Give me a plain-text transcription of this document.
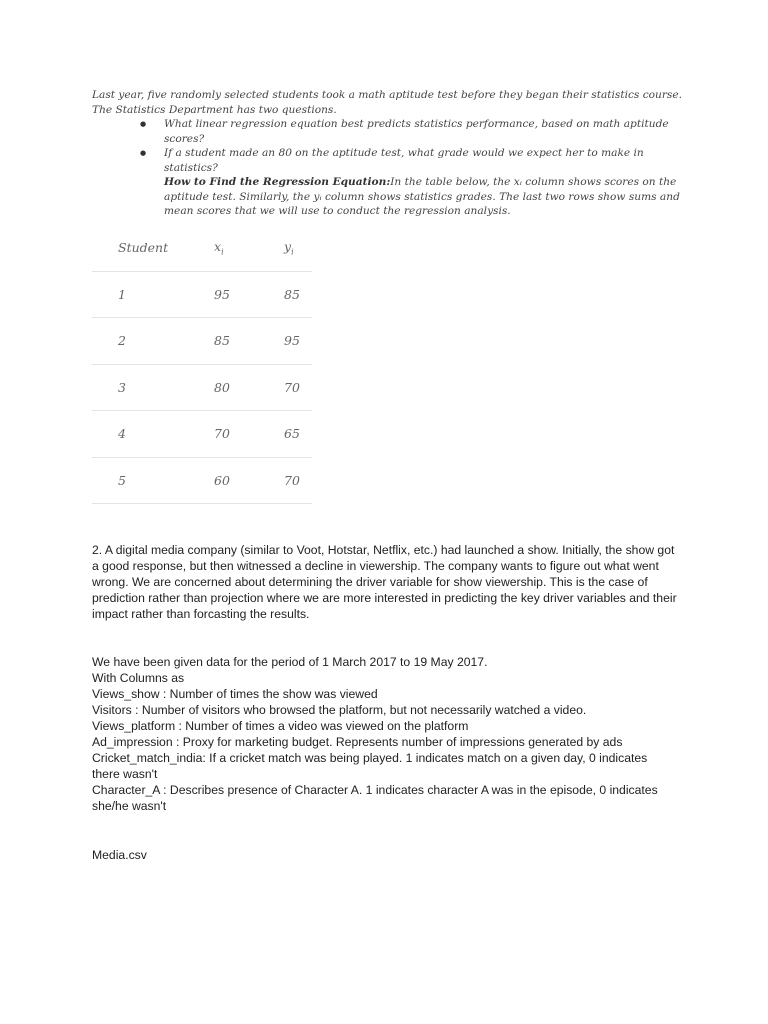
Last year, five randomly selected students took a math aptitude test before they began their statistics course.

The Statistics Department has two questions.

● What linear regression equation best predicts statistics performance, based on math aptitude scores?
● If a student made an 80 on the aptitude test, what grade would we expect her to make in statistics?
How to Find the Regression Equation:In the table below, the xᵢ column shows scores on the aptitude test. Similarly, the yᵢ column shows statistics grades. The last two rows show sums and mean scores that we will use to conduct the regression analysis.
Student	$x_i$	$y_i$
1	95	85
2	85	95
3	80	70
4	70	65
5	60	70

2. A digital media company (similar to Voot, Hotstar, Netflix, etc.) had launched a show. Initially, the show got a good response, but then witnessed a decline in viewership. The company wants to figure out what went wrong. We are concerned about determining the driver variable for show viewership. This is the case of prediction rather than projection where we are more interested in predicting the key driver variables and their impact rather than forcasting the results.

We have been given data for the period of 1 March 2017 to 19 May 2017.

With Columns as

Views_show : Number of times the show was viewed

Visitors : Number of visitors who browsed the platform, but not necessarily watched a video.

Views_platform : Number of times a video was viewed on the platform

Ad_impression : Proxy for marketing budget. Represents number of impressions generated by ads

Cricket_match_india: If a cricket match was being played. 1 indicates match on a given day, 0 indicates there wasn't

Character_A : Describes presence of Character A. 1 indicates character A was in the episode, 0 indicates she/he wasn't

Media.csv
